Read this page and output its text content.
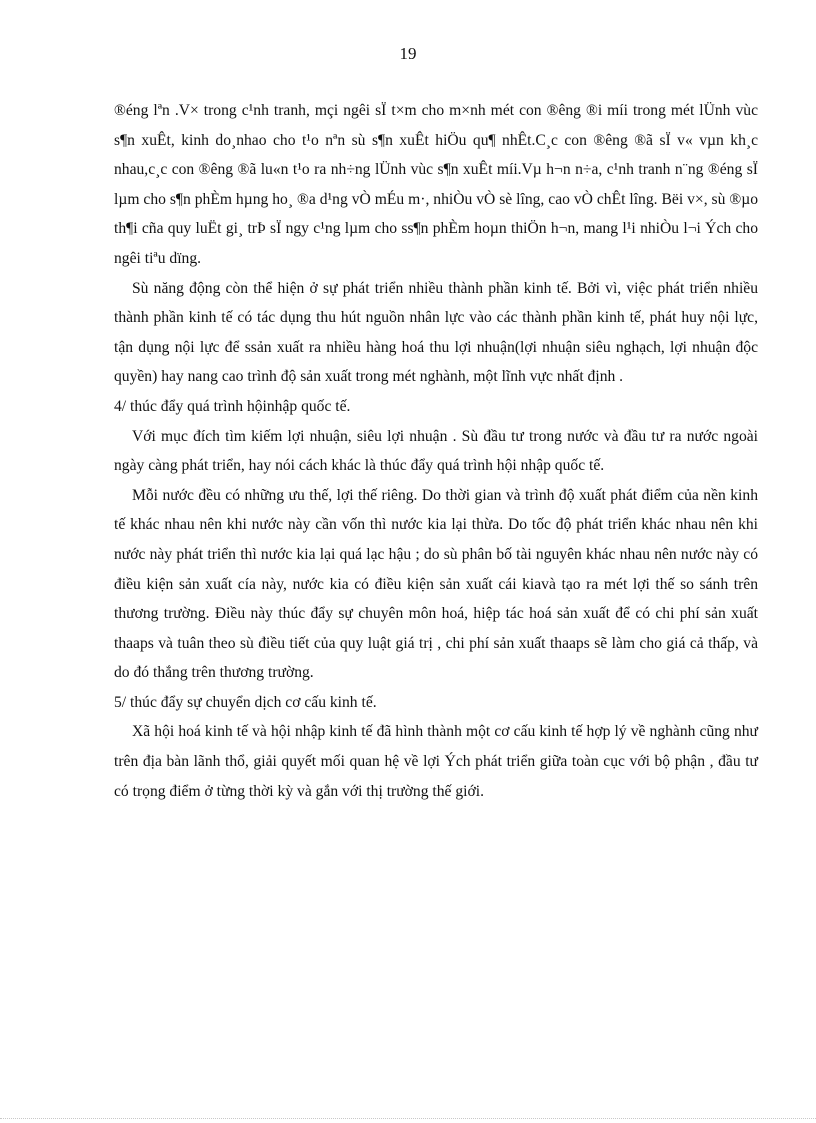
19

®éng lªn .V× trong c¹nh tranh, mçi ngêi sÏ t×m cho m×nh mét con ®êng ®i míi trong mét lÜnh vùc s¶n xuÊt, kinh do¸nhao cho t¹o nªn sù s¶n xuÊt hiÖu qu¶ nhÊt.C¸c con ®êng ®ã sÏ v« vµn kh¸c nhau,c¸c con ®êng ®ã lu«n t¹o ra nh÷ng lÜnh vùc s¶n xuÊt míi.Vµ h¬n n÷a, c¹nh tranh n¨ng ®éng sÏ lµm cho s¶n phÈm hµng ho¸ ®a d¹ng vÒ mÉu m·, nhiÒu vÒ sè lîng, cao vÒ chÊt lîng. Bëi v×, sù ®µo th¶i cña quy luËt gi¸ trÞ sÏ ngy c¹ng lµm cho ss¶n phÈm hoµn thiÖn h¬n, mang l¹i nhiÒu l¬i Ých cho ngêi tiªu dïng.

Sù năng động còn thể hiện ở sự phát triển nhiều thành phần kinh tế. Bởi vì, việc phát triển nhiều thành phần kinh tế có tác dụng thu hút nguồn nhân lực vào các thành phần kinh tế, phát huy nội lực, tận dụng nội lực để ssản xuất ra nhiều hàng hoá thu lợi nhuận(lợi nhuận siêu nghạch, lợi nhuận độc quyền) hay nang cao trình độ sản xuất trong mét nghành, một lĩnh vực nhất định .

4/ thúc đẩy quá trình hộinhập quốc tế.

Với mục đích tìm kiếm lợi nhuận, siêu lợi nhuận . Sù đầu tư trong nước và đầu tư ra nước ngoài ngày càng phát triển, hay nói cách khác là thúc đẩy quá trình hội nhập quốc tế.

Mỗi nước đều có những ưu thế, lợi thế riêng. Do thời gian và trình độ xuất phát điểm của nền kinh tế khác nhau nên khi nước này cần vốn thì nước kia lại thừa. Do tốc độ phát triển khác nhau nên khi nước này phát triển thì nước kia lại quá lạc hậu ; do sù phân bố tài nguyên khác nhau nên nước này có điều kiện sản xuất cía này, nước kia có điều kiện sản xuất cái kiavà tạo ra mét lợi thế so sánh trên thương trường. Điều này thúc đẩy sự chuyên môn hoá, hiệp tác hoá sản xuất để có chi phí sản xuất thaaps và tuân theo sù điều tiết của quy luật giá trị , chi phí sản xuất thaaps sẽ làm cho giá cả thấp, và do đó thắng trên thương trường.

5/ thúc đẩy sự chuyển dịch cơ cấu kinh tế.

Xã hội hoá kinh tế và hội nhập kinh tế đã hình thành một cơ cấu kinh tế hợp lý về nghành cũng như trên địa bàn lãnh thổ, giải quyết mối quan hệ về lợi Ých phát triển giữa toàn cục với bộ phận , đầu tư có trọng điểm ở từng thời kỳ và gắn với thị trường thế giới.
